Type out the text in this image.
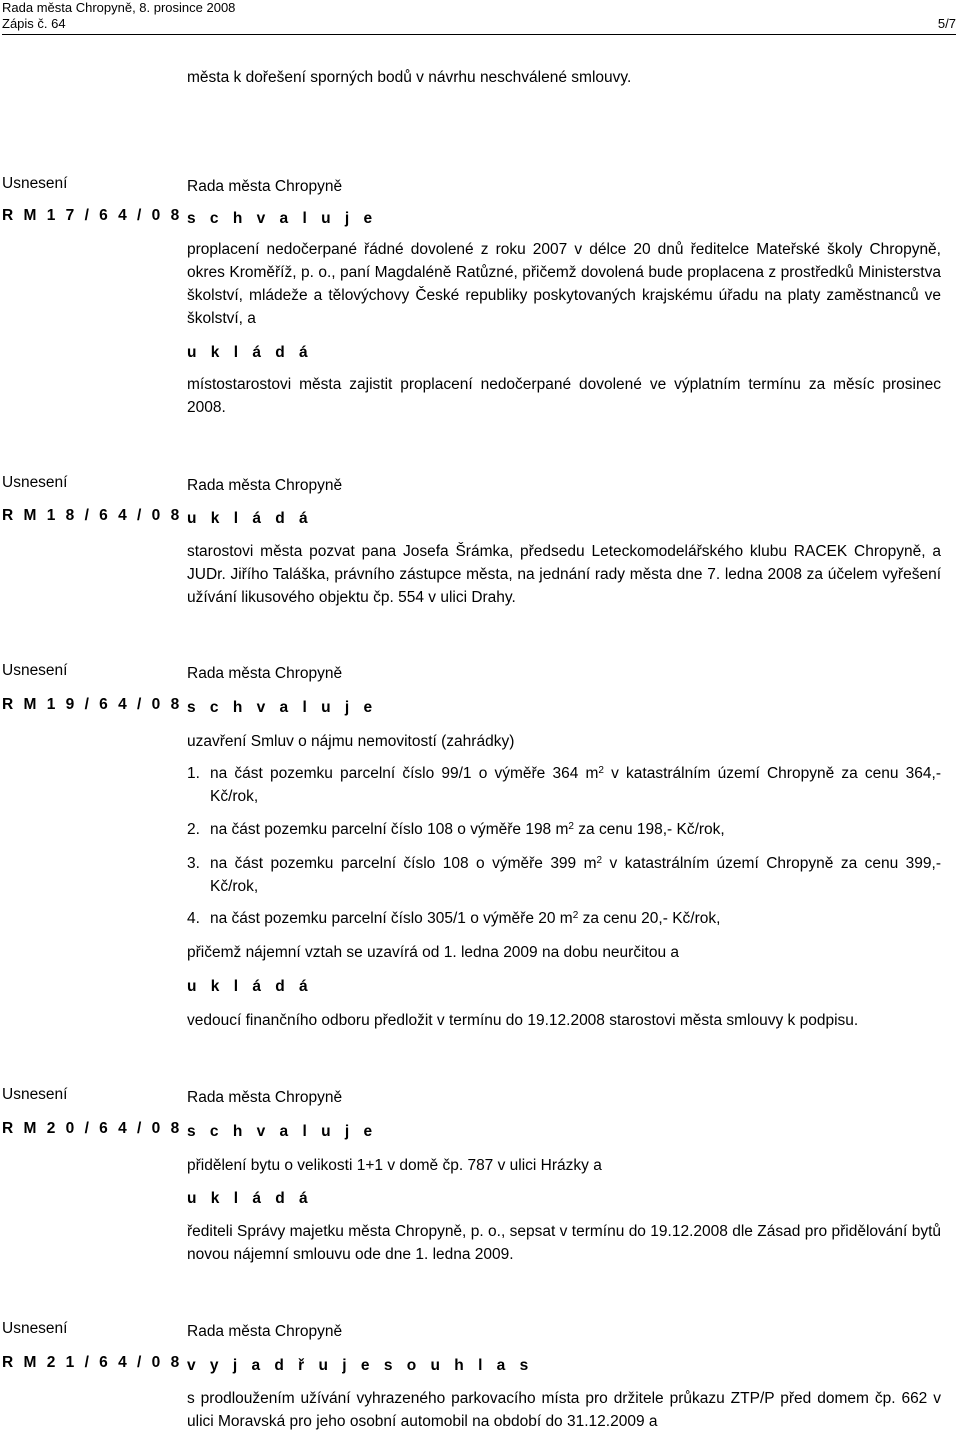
Rada města Chropyně, 8. prosince 2008
Zápis č. 64	5/7
města k dořešení sporných bodů v návrhu neschválené smlouvy.
Usnesení
R M 1 7 / 6 4 / 0 8
Rada města Chropyně
s c h v a l u j e
proplacení nedočerpané řádné dovolené z roku 2007 v délce 20 dnů ředitelce Mateřské školy Chropyně, okres Kroměříž, p. o., paní Magdaléně Ratůzné, přičemž dovolená bude proplacena z prostředků Ministerstva školství, mládeže a tělovýchovy České republiky poskytovaných krajskému úřadu na platy zaměstnanců ve školství, a
u k l á d á
místostarostovi města zajistit proplacení nedočerpané dovolené ve výplatním termínu za měsíc prosinec 2008.
Usnesení
R M 1 8 / 6 4 / 0 8
Rada města Chropyně
u k l á d á
starostovi města pozvat pana Josefa Šrámka, předsedu Leteckomodelářského klubu RACEK Chropyně, a JUDr. Jiřího Taláška, právního zástupce města, na jednání rady města dne 7. ledna 2008 za účelem vyřešení užívání likusového objektu čp. 554 v ulici Drahy.
Usnesení
R M 1 9 / 6 4 / 0 8
Rada města Chropyně
s c h v a l u j e
uzavření Smluv o nájmu nemovitostí (zahrádky)
1. na část pozemku parcelní číslo 99/1 o výměře 364 $m^2$ v katastrálním území Chropyně za cenu 364,- Kč/rok,
2. na část pozemku parcelní číslo 108 o výměře 198 $m^2$ za cenu 198,- Kč/rok,
3. na část pozemku parcelní číslo 108 o výměře 399 $m^2$ v katastrálním území Chropyně za cenu 399,- Kč/rok,
4. na část pozemku parcelní číslo 305/1 o výměře 20 $m^2$ za cenu 20,- Kč/rok,
přičemž nájemní vztah se uzavírá od 1. ledna 2009 na dobu neurčitou a
u k l á d á
vedoucí finančního odboru předložit v termínu do 19.12.2008 starostovi města smlouvy k podpisu.
Usnesení
R M 2 0 / 6 4 / 0 8
Rada města Chropyně
s c h v a l u j e
přidělení bytu o velikosti 1+1 v domě čp. 787 v ulici Hrázky a
u k l á d á
řediteli Správy majetku města Chropyně, p. o., sepsat v termínu do 19.12.2008 dle Zásad pro přidělování bytů novou nájemní smlouvu ode dne 1. ledna 2009.
Usnesení
R M 2 1 / 6 4 / 0 8
Rada města Chropyně
v y j a d ř u j e s o u h l a s
s prodloužením užívání vyhrazeného parkovacího místa pro držitele průkazu ZTP/P před domem čp. 662 v ulici Moravská pro jeho osobní automobil na období do 31.12.2009 a
